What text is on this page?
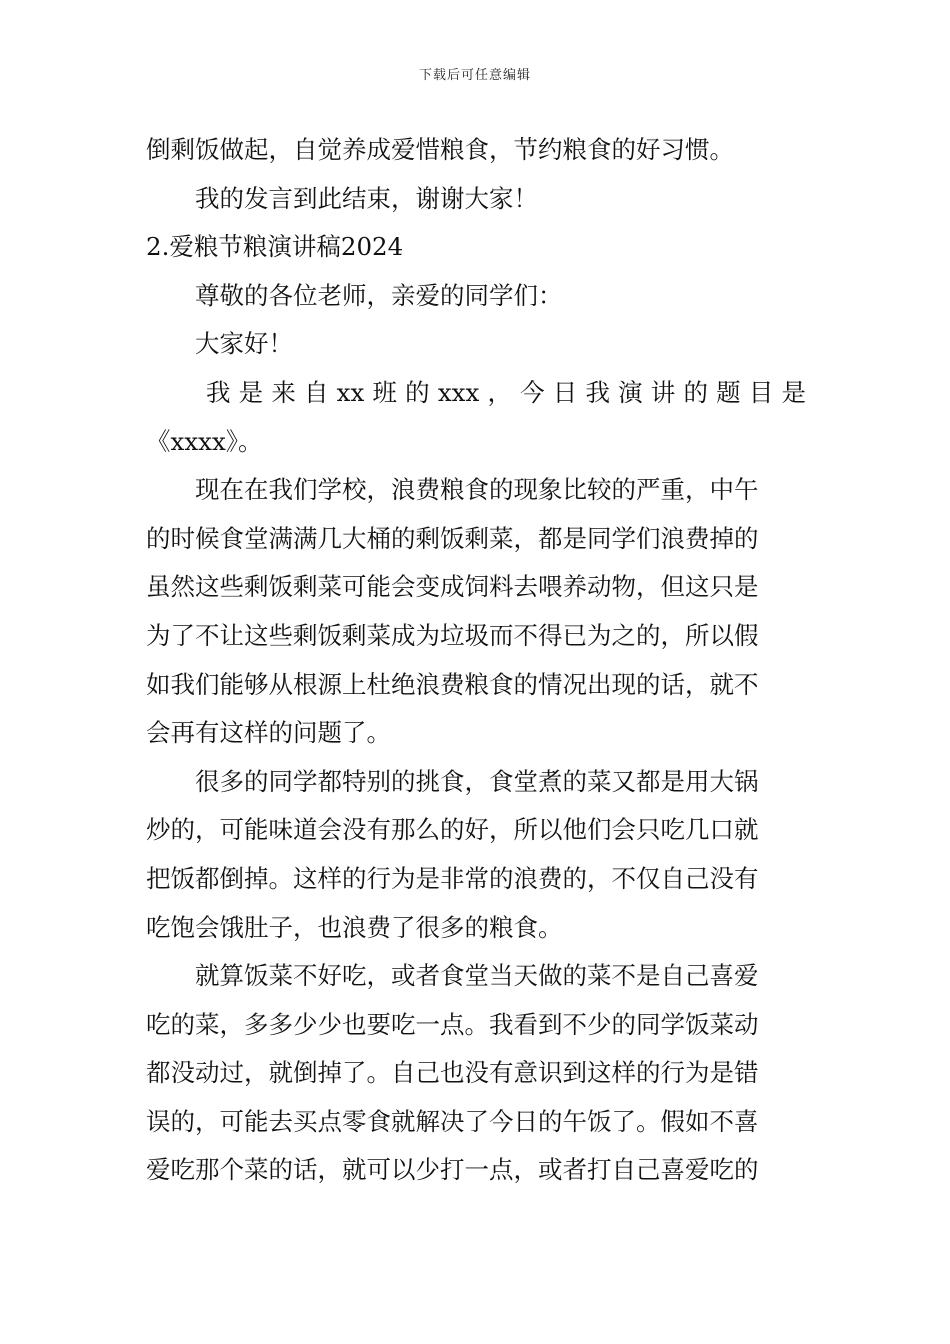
下载后可任意编辑
倒剩饭做起，自觉养成爱惜粮食，节约粮食的好习惯。
我的发言到此结束，谢谢大家！
2.爱粮节粮演讲稿2024
尊敬的各位老师，亲爱的同学们：
大家好！
我是来自xx班的xxx，今日我演讲的题目是
《xxxx》。
现在在我们学校，浪费粮食的现象比较的严重，中午
的时候食堂满满几大桶的剩饭剩菜，都是同学们浪费掉的
虽然这些剩饭剩菜可能会变成饲料去喂养动物，但这只是
为了不让这些剩饭剩菜成为垃圾而不得已为之的，所以假
如我们能够从根源上杜绝浪费粮食的情况出现的话，就不
会再有这样的问题了。
很多的同学都特别的挑食，食堂煮的菜又都是用大锅
炒的，可能味道会没有那么的好，所以他们会只吃几口就
把饭都倒掉。这样的行为是非常的浪费的，不仅自己没有
吃饱会饿肚子，也浪费了很多的粮食。
就算饭菜不好吃，或者食堂当天做的菜不是自己喜爱
吃的菜，多多少少也要吃一点。我看到不少的同学饭菜动
都没动过，就倒掉了。自己也没有意识到这样的行为是错
误的，可能去买点零食就解决了今日的午饭了。假如不喜
爱吃那个菜的话，就可以少打一点，或者打自己喜爱吃的
